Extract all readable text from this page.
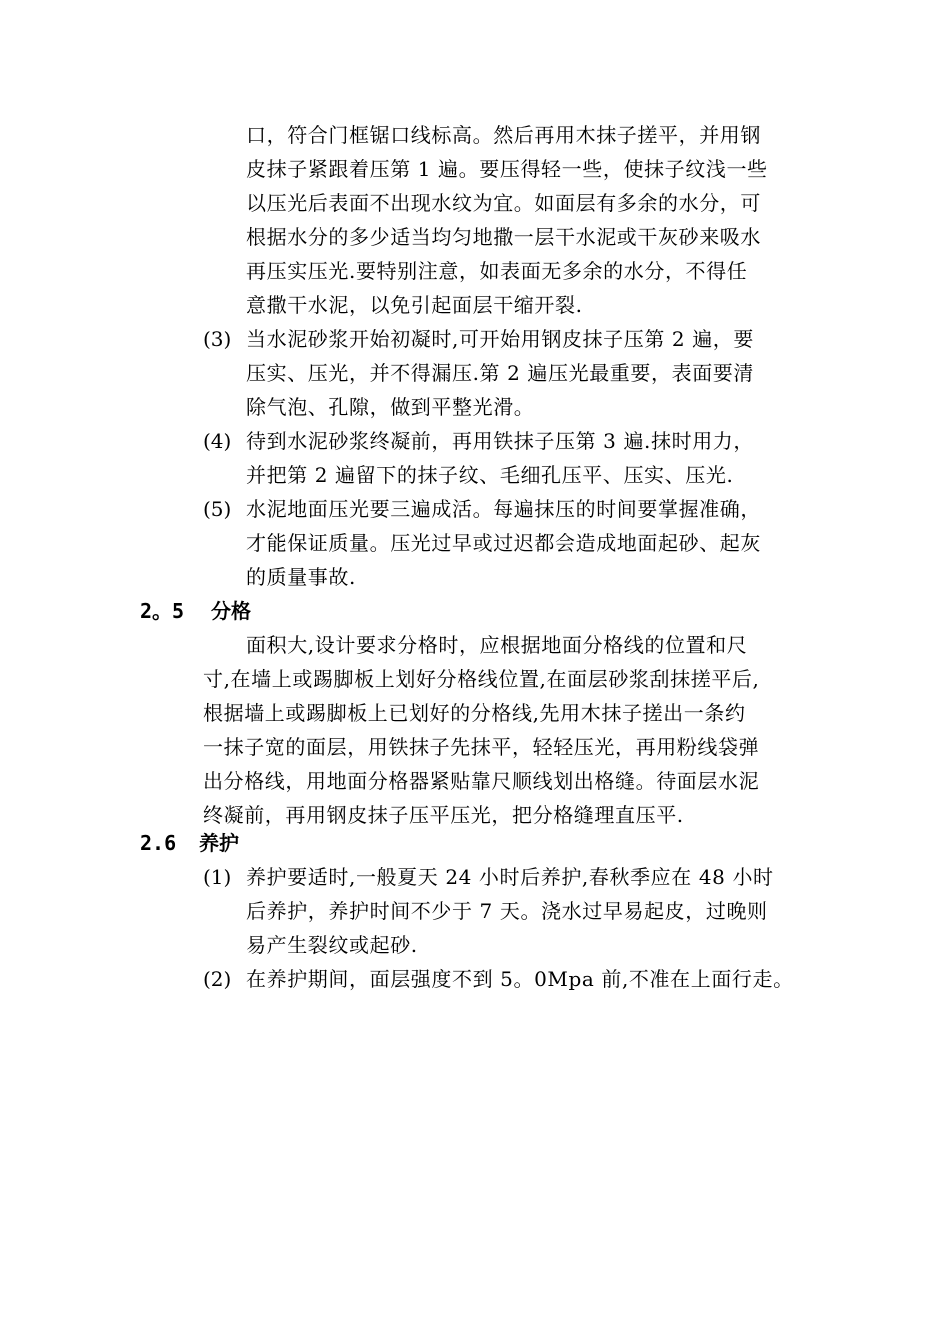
口，符合门框锯口线标高。然后再用木抹子搓平，并用钢
皮抹子紧跟着压第 1 遍。要压得轻一些，使抹子纹浅一些
以压光后表面不出现水纹为宜。如面层有多余的水分，可
根据水分的多少适当均匀地撒一层干水泥或干灰砂来吸水
再压实压光.要特别注意，如表面无多余的水分，不得任
意撒干水泥，以免引起面层干缩开裂.
(3) 当水泥砂浆开始初凝时,可开始用钢皮抹子压第 2 遍，要
压实、压光，并不得漏压.第 2 遍压光最重要，表面要清
除气泡、孔隙，做到平整光滑。
(4) 待到水泥砂浆终凝前，再用铁抹子压第 3 遍.抹时用力，
并把第 2 遍留下的抹子纹、毛细孔压平、压实、压光.
(5) 水泥地面压光要三遍成活。每遍抹压的时间要掌握准确，
才能保证质量。压光过早或过迟都会造成地面起砂、起灰
的质量事故.
2。5 分格
面积大,设计要求分格时，应根据地面分格线的位置和尺
寸,在墙上或踢脚板上划好分格线位置,在面层砂浆刮抹搓平后,
根据墙上或踢脚板上已划好的分格线,先用木抹子搓出一条约
一抹子宽的面层，用铁抹子先抹平，轻轻压光，再用粉线袋弹
出分格线，用地面分格器紧贴靠尺顺线划出格缝。待面层水泥
终凝前，再用钢皮抹子压平压光，把分格缝理直压平.
2.6 养护
(1) 养护要适时,一般夏天 24 小时后养护,春秋季应在 48 小时
后养护，养护时间不少于 7 天。浇水过早易起皮，过晚则
易产生裂纹或起砂.
(2) 在养护期间，面层强度不到 5。0Mpa 前,不准在上面行走。
